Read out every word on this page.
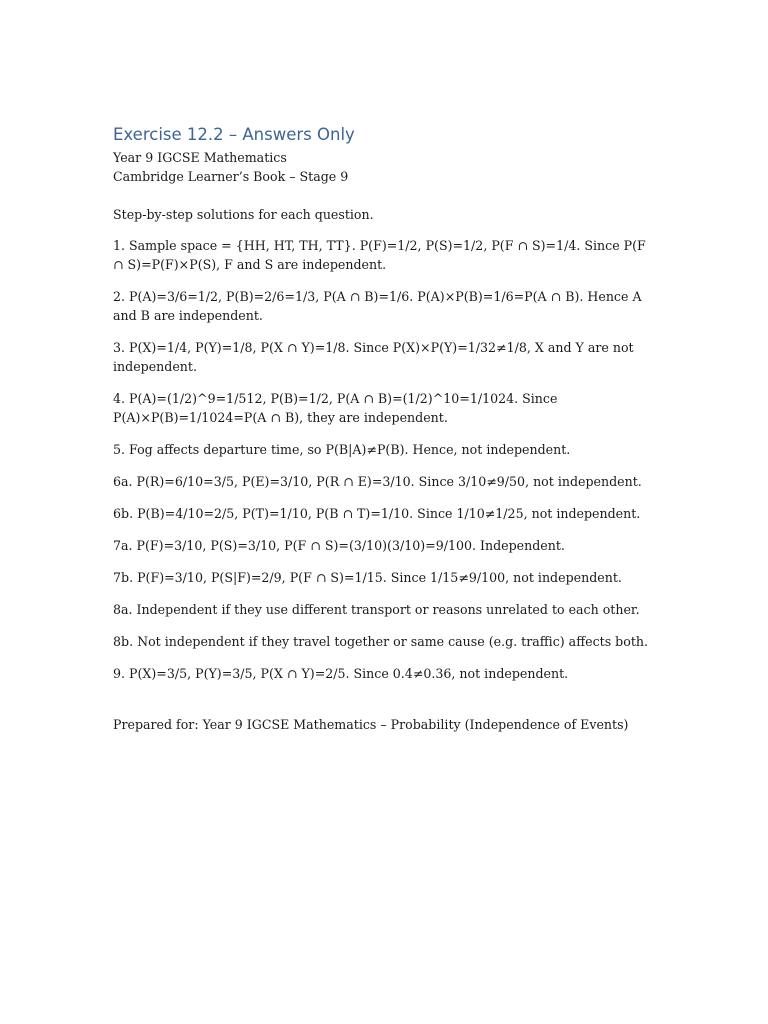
Exercise 12.2 – Answers Only

Year 9 IGCSE Mathematics

Cambridge Learner’s Book – Stage 9

Step-by-step solutions for each question.

1. Sample space = {HH, HT, TH, TT}. P(F)=1/2, P(S)=1/2, P(F ∩ S)=1/4. Since P(F ∩ S)=P(F)×P(S), F and S are independent.
2. P(A)=3/6=1/2, P(B)=2/6=1/3, P(A ∩ B)=1/6. P(A)×P(B)=1/6=P(A ∩ B). Hence A and B are independent.
3. P(X)=1/4, P(Y)=1/8, P(X ∩ Y)=1/8. Since P(X)×P(Y)=1/32≠1/8, X and Y are not independent.
4. P(A)=(1/2)^9=1/512, P(B)=1/2, P(A ∩ B)=(1/2)^10=1/1024. Since P(A)×P(B)=1/1024=P(A ∩ B), they are independent.
5. Fog affects departure time, so P(B|A)≠P(B). Hence, not independent.
6a. P(R)=6/10=3/5, P(E)=3/10, P(R ∩ E)=3/10. Since 3/10≠9/50, not independent.
6b. P(B)=4/10=2/5, P(T)=1/10, P(B ∩ T)=1/10. Since 1/10≠1/25, not independent.
7a. P(F)=3/10, P(S)=3/10, P(F ∩ S)=(3/10)(3/10)=9/100. Independent.
7b. P(F)=3/10, P(S|F)=2/9, P(F ∩ S)=1/15. Since 1/15≠9/100, not independent.
8a. Independent if they use different transport or reasons unrelated to each other.
8b. Not independent if they travel together or same cause (e.g. traffic) affects both.
9. P(X)=3/5, P(Y)=3/5, P(X ∩ Y)=2/5. Since 0.4≠0.36, not independent.

Prepared for: Year 9 IGCSE Mathematics – Probability (Independence of Events)
